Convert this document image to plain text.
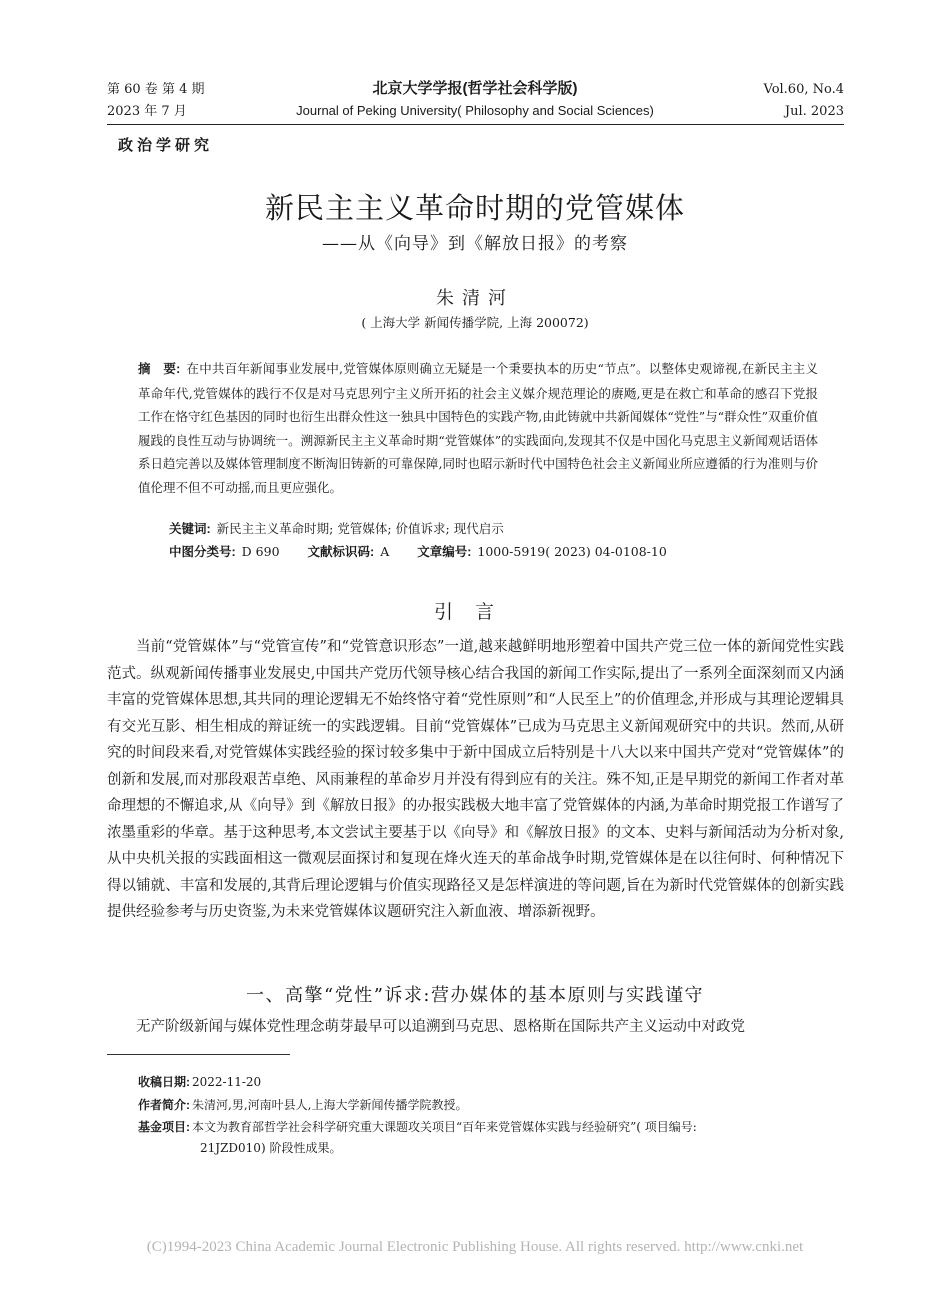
第 60 卷 第 4 期
2023 年 7 月
北京大学学报(哲学社会科学版)
Journal of Peking University( Philosophy and Social Sciences)
Vol.60, No.4
Jul. 2023
政治学研究
新民主主义革命时期的党管媒体
——从《向导》到《解放日报》的考察
朱清河
( 上海大学 新闻传播学院, 上海 200072)
摘　要: 在中共百年新闻事业发展中,党管媒体原则确立无疑是一个秉要执本的历史“节点”。以整体史观谛视,在新民主主义革命年代,党管媒体的践行不仅是对马克思列宁主义所开拓的社会主义媒介规范理论的赓飏,更是在救亡和革命的感召下党报工作在恪守红色基因的同时也衍生出群众性这一独具中国特色的实践产物,由此铸就中共新闻媒体“党性”与“群众性”双重价值履践的良性互动与协调统一。溯源新民主主义革命时期“党管媒体”的实践面向,发现其不仅是中国化马克思主义新闻观话语体系日趋完善以及媒体管理制度不断淘旧铸新的可靠保障,同时也昭示新时代中国特色社会主义新闻业所应遵循的行为准则与价值伦理不但不可动摇,而且更应强化。
关键词: 新民主主义革命时期; 党管媒体; 价值诉求; 现代启示
中图分类号: D 690 文献标识码: A 文章编号: 1000-5919( 2023) 04-0108-10
引言
当前“党管媒体”与“党管宣传”和“党管意识形态”一道,越来越鲜明地形塑着中国共产党三位一体的新闻党性实践范式。纵观新闻传播事业发展史,中国共产党历代领导核心结合我国的新闻工作实际,提出了一系列全面深刻而又内涵丰富的党管媒体思想,其共同的理论逻辑无不始终恪守着“党性原则”和“人民至上”的价值理念,并形成与其理论逻辑具有交光互影、相生相成的辩证统一的实践逻辑。目前“党管媒体”已成为马克思主义新闻观研究中的共识。然而,从研究的时间段来看,对党管媒体实践经验的探讨较多集中于新中国成立后特别是十八大以来中国共产党对“党管媒体”的创新和发展,而对那段艰苦卓绝、风雨兼程的革命岁月并没有得到应有的关注。殊不知,正是早期党的新闻工作者对革命理想的不懈追求,从《向导》到《解放日报》的办报实践极大地丰富了党管媒体的内涵,为革命时期党报工作谱写了浓墨重彩的华章。基于这种思考,本文尝试主要基于以《向导》和《解放日报》的文本、史料与新闻活动为分析对象,从中央机关报的实践面相这一微观层面探讨和复现在烽火连天的革命战争时期,党管媒体是在以往何时、何种情况下得以铺就、丰富和发展的,其背后理论逻辑与价值实现路径又是怎样演进的等问题,旨在为新时代党管媒体的创新实践提供经验参考与历史资鉴,为未来党管媒体议题研究注入新血液、增添新视野。
一、高擎“党性”诉求:营办媒体的基本原则与实践谨守
无产阶级新闻与媒体党性理念萌芽最早可以追溯到马克思、恩格斯在国际共产主义运动中对政党
收稿日期: 2022-11-20
作者简介: 朱清河,男,河南叶县人,上海大学新闻传播学院教授。
基金项目: 本文为教育部哲学社会科学研究重大课题攻关项目“百年来党管媒体实践与经验研究”( 项目编号:
21JZD010) 阶段性成果。
(C)1994-2023 China Academic Journal Electronic Publishing House. All rights reserved. http://www.cnki.net
